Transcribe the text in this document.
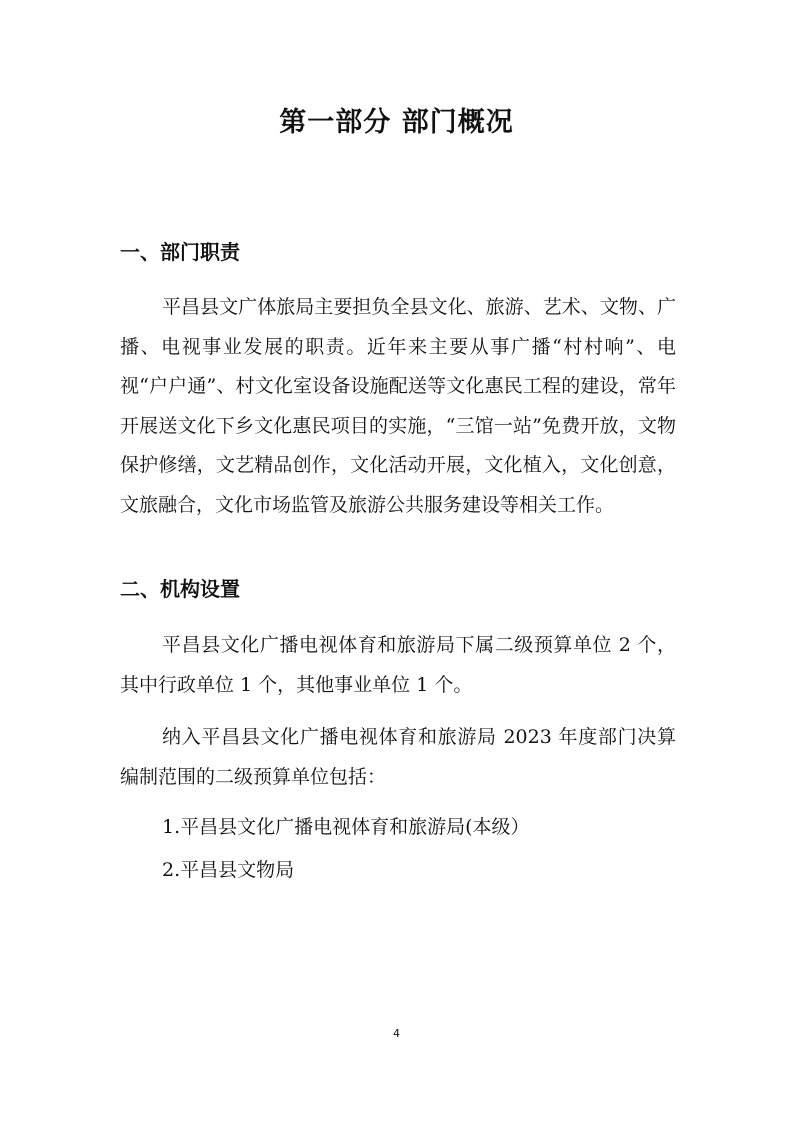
第一部分 部门概况
一、部门职责

平昌县文广体旅局主要担负全县文化、旅游、艺术、文物、广播、电视事业发展的职责。近年来主要从事广播“村村响”、电视“户户通”、村文化室设备设施配送等文化惠民工程的建设，常年开展送文化下乡文化惠民项目的实施，“三馆一站”免费开放，文物保护修缮，文艺精品创作，文化活动开展，文化植入，文化创意，文旅融合，文化市场监管及旅游公共服务建设等相关工作。

二、机构设置

平昌县文化广播电视体育和旅游局下属二级预算单位 2 个，其中行政单位 1 个，其他事业单位 1 个。

纳入平昌县文化广播电视体育和旅游局 2023 年度部门决算编制范围的二级预算单位包括：

1.平昌县文化广播电视体育和旅游局(本级）

2.平昌县文物局

4
